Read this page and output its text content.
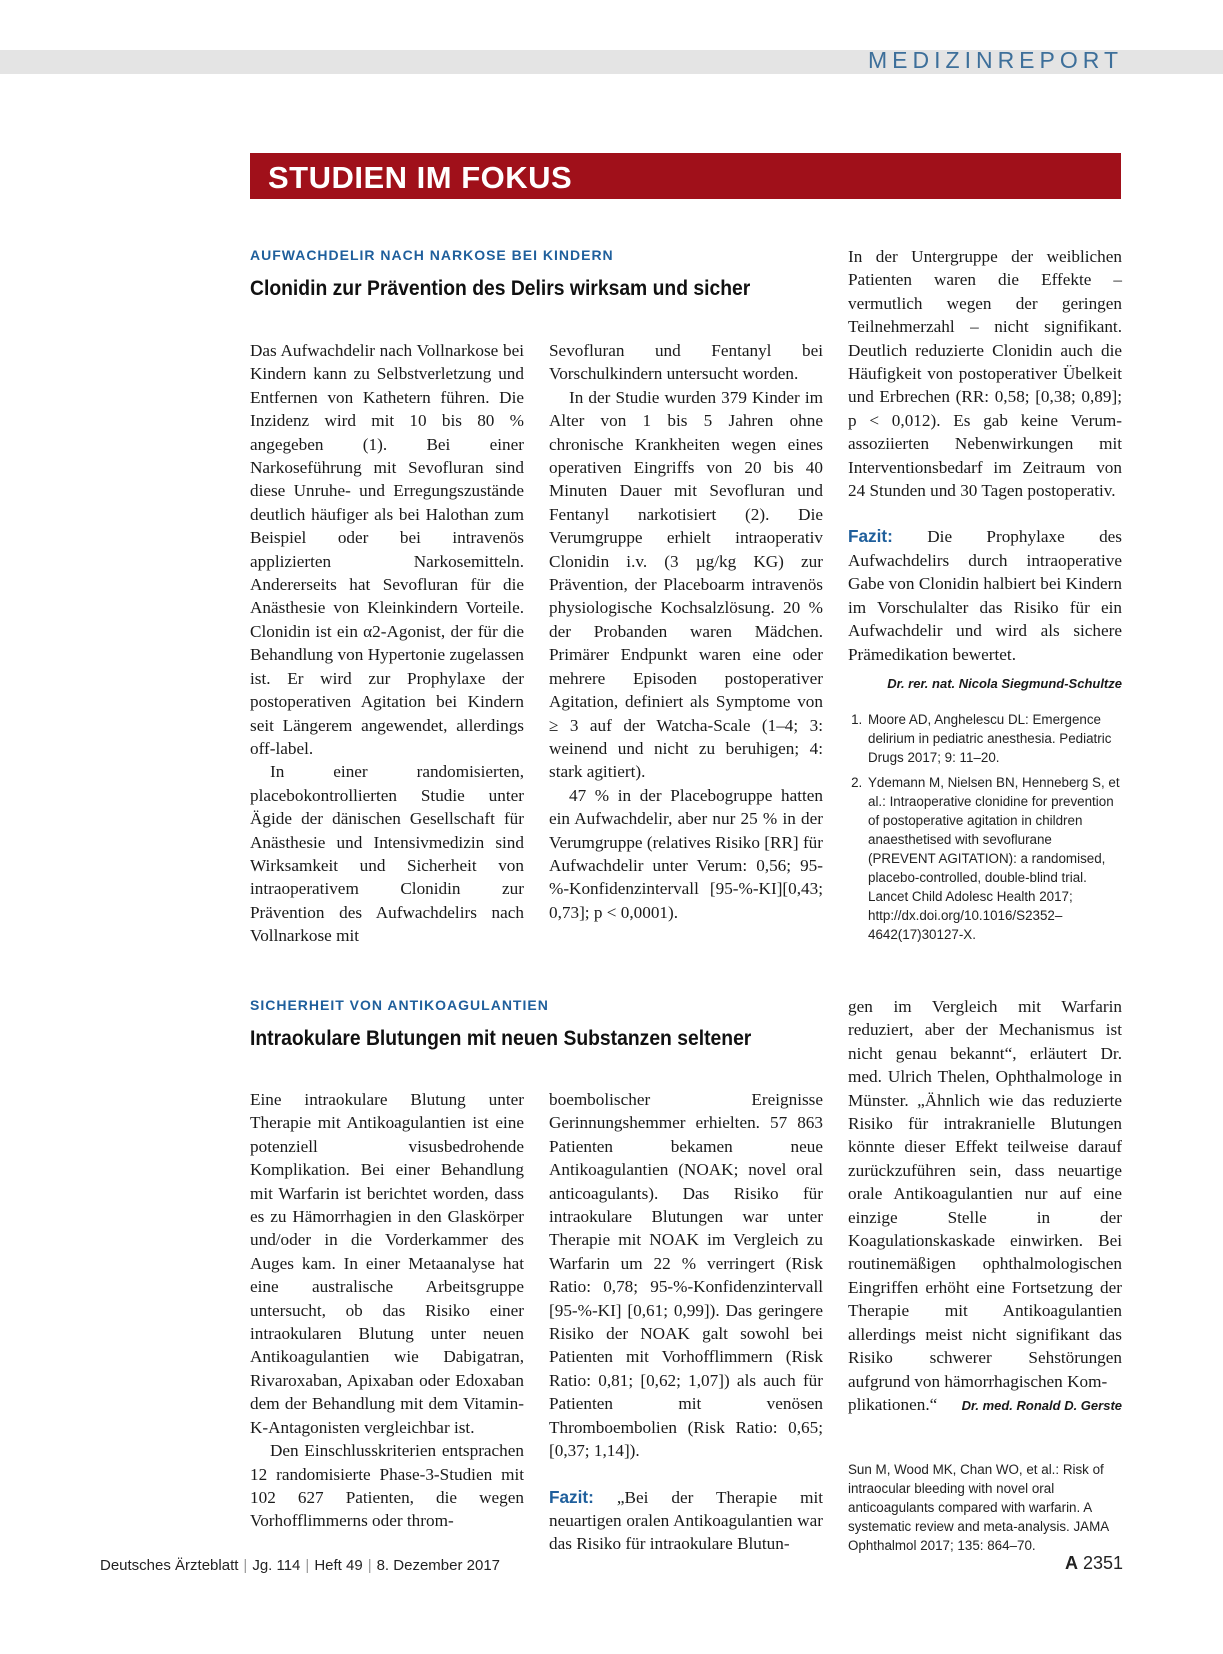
MEDIZINREPORT
STUDIEN IM FOKUS
AUFWACHDELIR NACH NARKOSE BEI KINDERN
Clonidin zur Prävention des Delirs wirksam und sicher

Das Aufwachdelir nach Vollnarkose bei Kindern kann zu Selbstverletzung und Entfernen von Kathetern führen. Die Inzidenz wird mit 10 bis 80 % angegeben (1). Bei einer Narkoseführung mit Sevofluran sind diese Unruhe- und Erregungszustände deutlich häufiger als bei Halothan zum Beispiel oder bei intravenös applizierten Narkosemitteln. Andererseits hat Sevofluran für die Anästhesie von Kleinkindern Vorteile. Clonidin ist ein α2-Agonist, der für die Behandlung von Hypertonie zugelassen ist. Er wird zur Prophylaxe der postoperativen Agitation bei Kindern seit Längerem angewendet, allerdings off-label.

In einer randomisierten, placebokontrollierten Studie unter Ägide der dänischen Gesellschaft für Anästhesie und Intensivmedizin sind Wirksamkeit und Sicherheit von intraoperativem Clonidin zur Prävention des Aufwachdelirs nach Vollnarkose mit

Sevofluran und Fentanyl bei Vorschulkindern untersucht worden.

In der Studie wurden 379 Kinder im Alter von 1 bis 5 Jahren ohne chronische Krankheiten wegen eines operativen Eingriffs von 20 bis 40 Minuten Dauer mit Sevofluran und Fentanyl narkotisiert (2). Die Verumgruppe erhielt intraoperativ Clonidin i.v. (3 µg/kg KG) zur Prävention, der Placeboarm intravenös physiologische Kochsalzlösung. 20 % der Probanden waren Mädchen. Primärer Endpunkt waren eine oder mehrere Episoden postoperativer Agitation, definiert als Symptome von ≥ 3 auf der Watcha-Scale (1–4; 3: weinend und nicht zu beruhigen; 4: stark agitiert).

47 % in der Placebogruppe hatten ein Aufwachdelir, aber nur 25 % in der Verumgruppe (relatives Risiko [RR] für Aufwachdelir unter Verum: 0,56; 95-%-Konfidenzintervall [95-%-KI][0,43; 0,73]; p < 0,0001).

In der Untergruppe der weiblichen Patienten waren die Effekte – vermutlich wegen der geringen Teilnehmerzahl – nicht signifikant. Deutlich reduzierte Clonidin auch die Häufigkeit von postoperativer Übelkeit und Erbrechen (RR: 0,58; [0,38; 0,89]; p < 0,012). Es gab keine Verum-assoziierten Nebenwirkungen mit Interventionsbedarf im Zeitraum von 24 Stunden und 30 Tagen postoperativ.

Fazit: Die Prophylaxe des Aufwachdelirs durch intraoperative Gabe von Clonidin halbiert bei Kindern im Vorschulalter das Risiko für ein Aufwachdelir und wird als sichere Prämedikation bewertet.

Dr. rer. nat. Nicola Siegmund-Schultze
1. Moore AD, Anghelescu DL: Emergence delirium in pediatric anesthesia. Pediatric Drugs 2017; 9: 11–20.
2. Ydemann M, Nielsen BN, Henneberg S, et al.: Intraoperative clonidine for prevention of postoperative agitation in children anaesthetised with sevoflurane (PREVENT AGITATION): a randomised, placebo-controlled, double-blind trial. Lancet Child Adolesc Health 2017; http://dx.doi.org/10.1016/S2352–4642(17)30127-X.
SICHERHEIT VON ANTIKOAGULANTIEN
Intraokulare Blutungen mit neuen Substanzen seltener

Eine intraokulare Blutung unter Therapie mit Antikoagulantien ist eine potenziell visusbedrohende Komplikation. Bei einer Behandlung mit Warfarin ist berichtet worden, dass es zu Hämorrhagien in den Glaskörper und/oder in die Vorderkammer des Auges kam. In einer Metaanalyse hat eine australische Arbeitsgruppe untersucht, ob das Risiko einer intraokularen Blutung unter neuen Antikoagulantien wie Dabigatran, Rivaroxaban, Apixaban oder Edoxaban dem der Behandlung mit dem Vitamin-K-Antagonisten vergleichbar ist.

Den Einschlusskriterien entsprachen 12 randomisierte Phase-3-Studien mit 102 627 Patienten, die wegen Vorhofflimmerns oder throm-

boembolischer Ereignisse Gerinnungshemmer erhielten. 57 863 Patienten bekamen neue Antikoagulantien (NOAK; novel oral anticoagulants). Das Risiko für intraokulare Blutungen war unter Therapie mit NOAK im Vergleich zu Warfarin um 22 % verringert (Risk Ratio: 0,78; 95-%-Konfidenzintervall [95-%-KI] [0,61; 0,99]). Das geringere Risiko der NOAK galt sowohl bei Patienten mit Vorhofflimmern (Risk Ratio: 0,81; [0,62; 1,07]) als auch für Patienten mit venösen Thromboembolien (Risk Ratio: 0,65; [0,37; 1,14]).

Fazit: „Bei der Therapie mit neuartigen oralen Antikoagulantien war das Risiko für intraokulare Blutun-

gen im Vergleich mit Warfarin reduziert, aber der Mechanismus ist nicht genau bekannt“, erläutert Dr. med. Ulrich Thelen, Ophthalmologe in Münster. „Ähnlich wie das reduzierte Risiko für intrakranielle Blutungen könnte dieser Effekt teilweise darauf zurückzuführen sein, dass neuartige orale Antikoagulantien nur auf eine einzige Stelle in der Koagulationskaskade einwirken. Bei routinemäßigen ophthalmologischen Eingriffen erhöht eine Fortsetzung der Therapie mit Antikoagulantien allerdings meist nicht signifikant das Risiko schwerer Sehstörungen aufgrund von hämorrhagischen Kom-

plikationen.“ Dr. med. Ronald D. Gerste
Sun M, Wood MK, Chan WO, et al.: Risk of intraocular bleeding with novel oral anticoagulants compared with warfarin. A systematic review and meta-analysis. JAMA Ophthalmol 2017; 135: 864–70.
Deutsches Ärzteblatt | Jg. 114 | Heft 49 | 8. Dezember 2017	A 2351
